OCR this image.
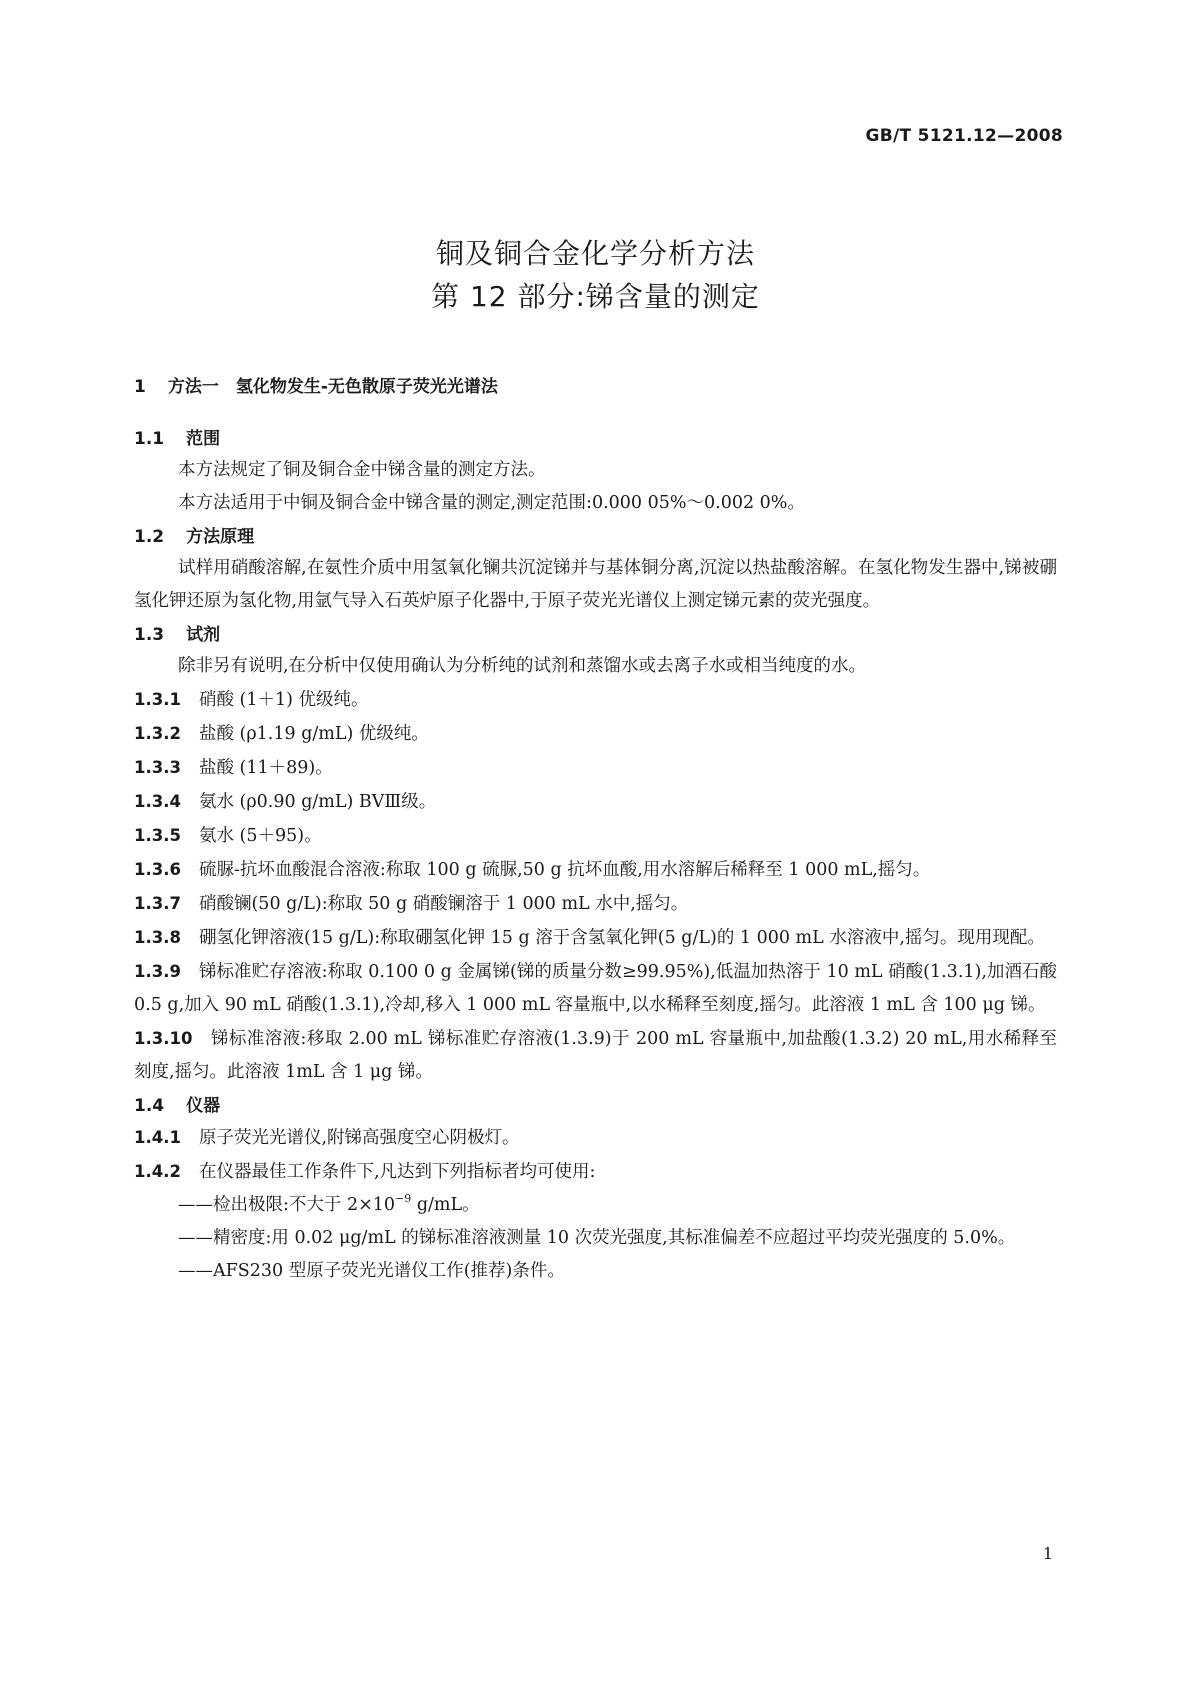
GB/T 5121.12—2008
铜及铜合金化学分析方法
第 12 部分:锑含量的测定
1 方法一　氢化物发生-无色散原子荧光光谱法
1.1 范围
本方法规定了铜及铜合金中锑含量的测定方法。
本方法适用于中铜及铜合金中锑含量的测定,测定范围:0.000 05%～0.002 0%。
1.2 方法原理
试样用硝酸溶解,在氨性介质中用氢氧化镧共沉淀锑并与基体铜分离,沉淀以热盐酸溶解。在氢化物发生器中,锑被硼氢化钾还原为氢化物,用氩气导入石英炉原子化器中,于原子荧光光谱仪上测定锑元素的荧光强度。
1.3 试剂
除非另有说明,在分析中仅使用确认为分析纯的试剂和蒸馏水或去离子水或相当纯度的水。
1.3.1 硝酸 (1＋1) 优级纯。
1.3.2 盐酸 (ρ1.19 g/mL) 优级纯。
1.3.3 盐酸 (11＋89)。
1.3.4 氨水 (ρ0.90 g/mL) BVⅢ级。
1.3.5 氨水 (5＋95)。
1.3.6 硫脲-抗坏血酸混合溶液:称取 100 g 硫脲,50 g 抗坏血酸,用水溶解后稀释至 1 000 mL,摇匀。
1.3.7 硝酸镧(50 g/L):称取 50 g 硝酸镧溶于 1 000 mL 水中,摇匀。
1.3.8 硼氢化钾溶液(15 g/L):称取硼氢化钾 15 g 溶于含氢氧化钾(5 g/L)的 1 000 mL 水溶液中,摇匀。现用现配。
1.3.9 锑标准贮存溶液:称取 0.100 0 g 金属锑(锑的质量分数≥99.95%),低温加热溶于 10 mL 硝酸(1.3.1),加酒石酸 0.5 g,加入 90 mL 硝酸(1.3.1),冷却,移入 1 000 mL 容量瓶中,以水稀释至刻度,摇匀。此溶液 1 mL 含 100 μg 锑。
1.3.10 锑标准溶液:移取 2.00 mL 锑标准贮存溶液(1.3.9)于 200 mL 容量瓶中,加盐酸(1.3.2) 20 mL,用水稀释至刻度,摇匀。此溶液 1mL 含 1 μg 锑。
1.4 仪器
1.4.1 原子荧光光谱仪,附锑高强度空心阴极灯。
1.4.2 在仪器最佳工作条件下,凡达到下列指标者均可使用:
——检出极限:不大于 $2\times 10^{-9}$ g/mL。
——精密度:用 0.02 μg/mL 的锑标准溶液测量 10 次荧光强度,其标准偏差不应超过平均荧光强度的 5.0%。
——AFS230 型原子荧光光谱仪工作(推荐)条件。
1
